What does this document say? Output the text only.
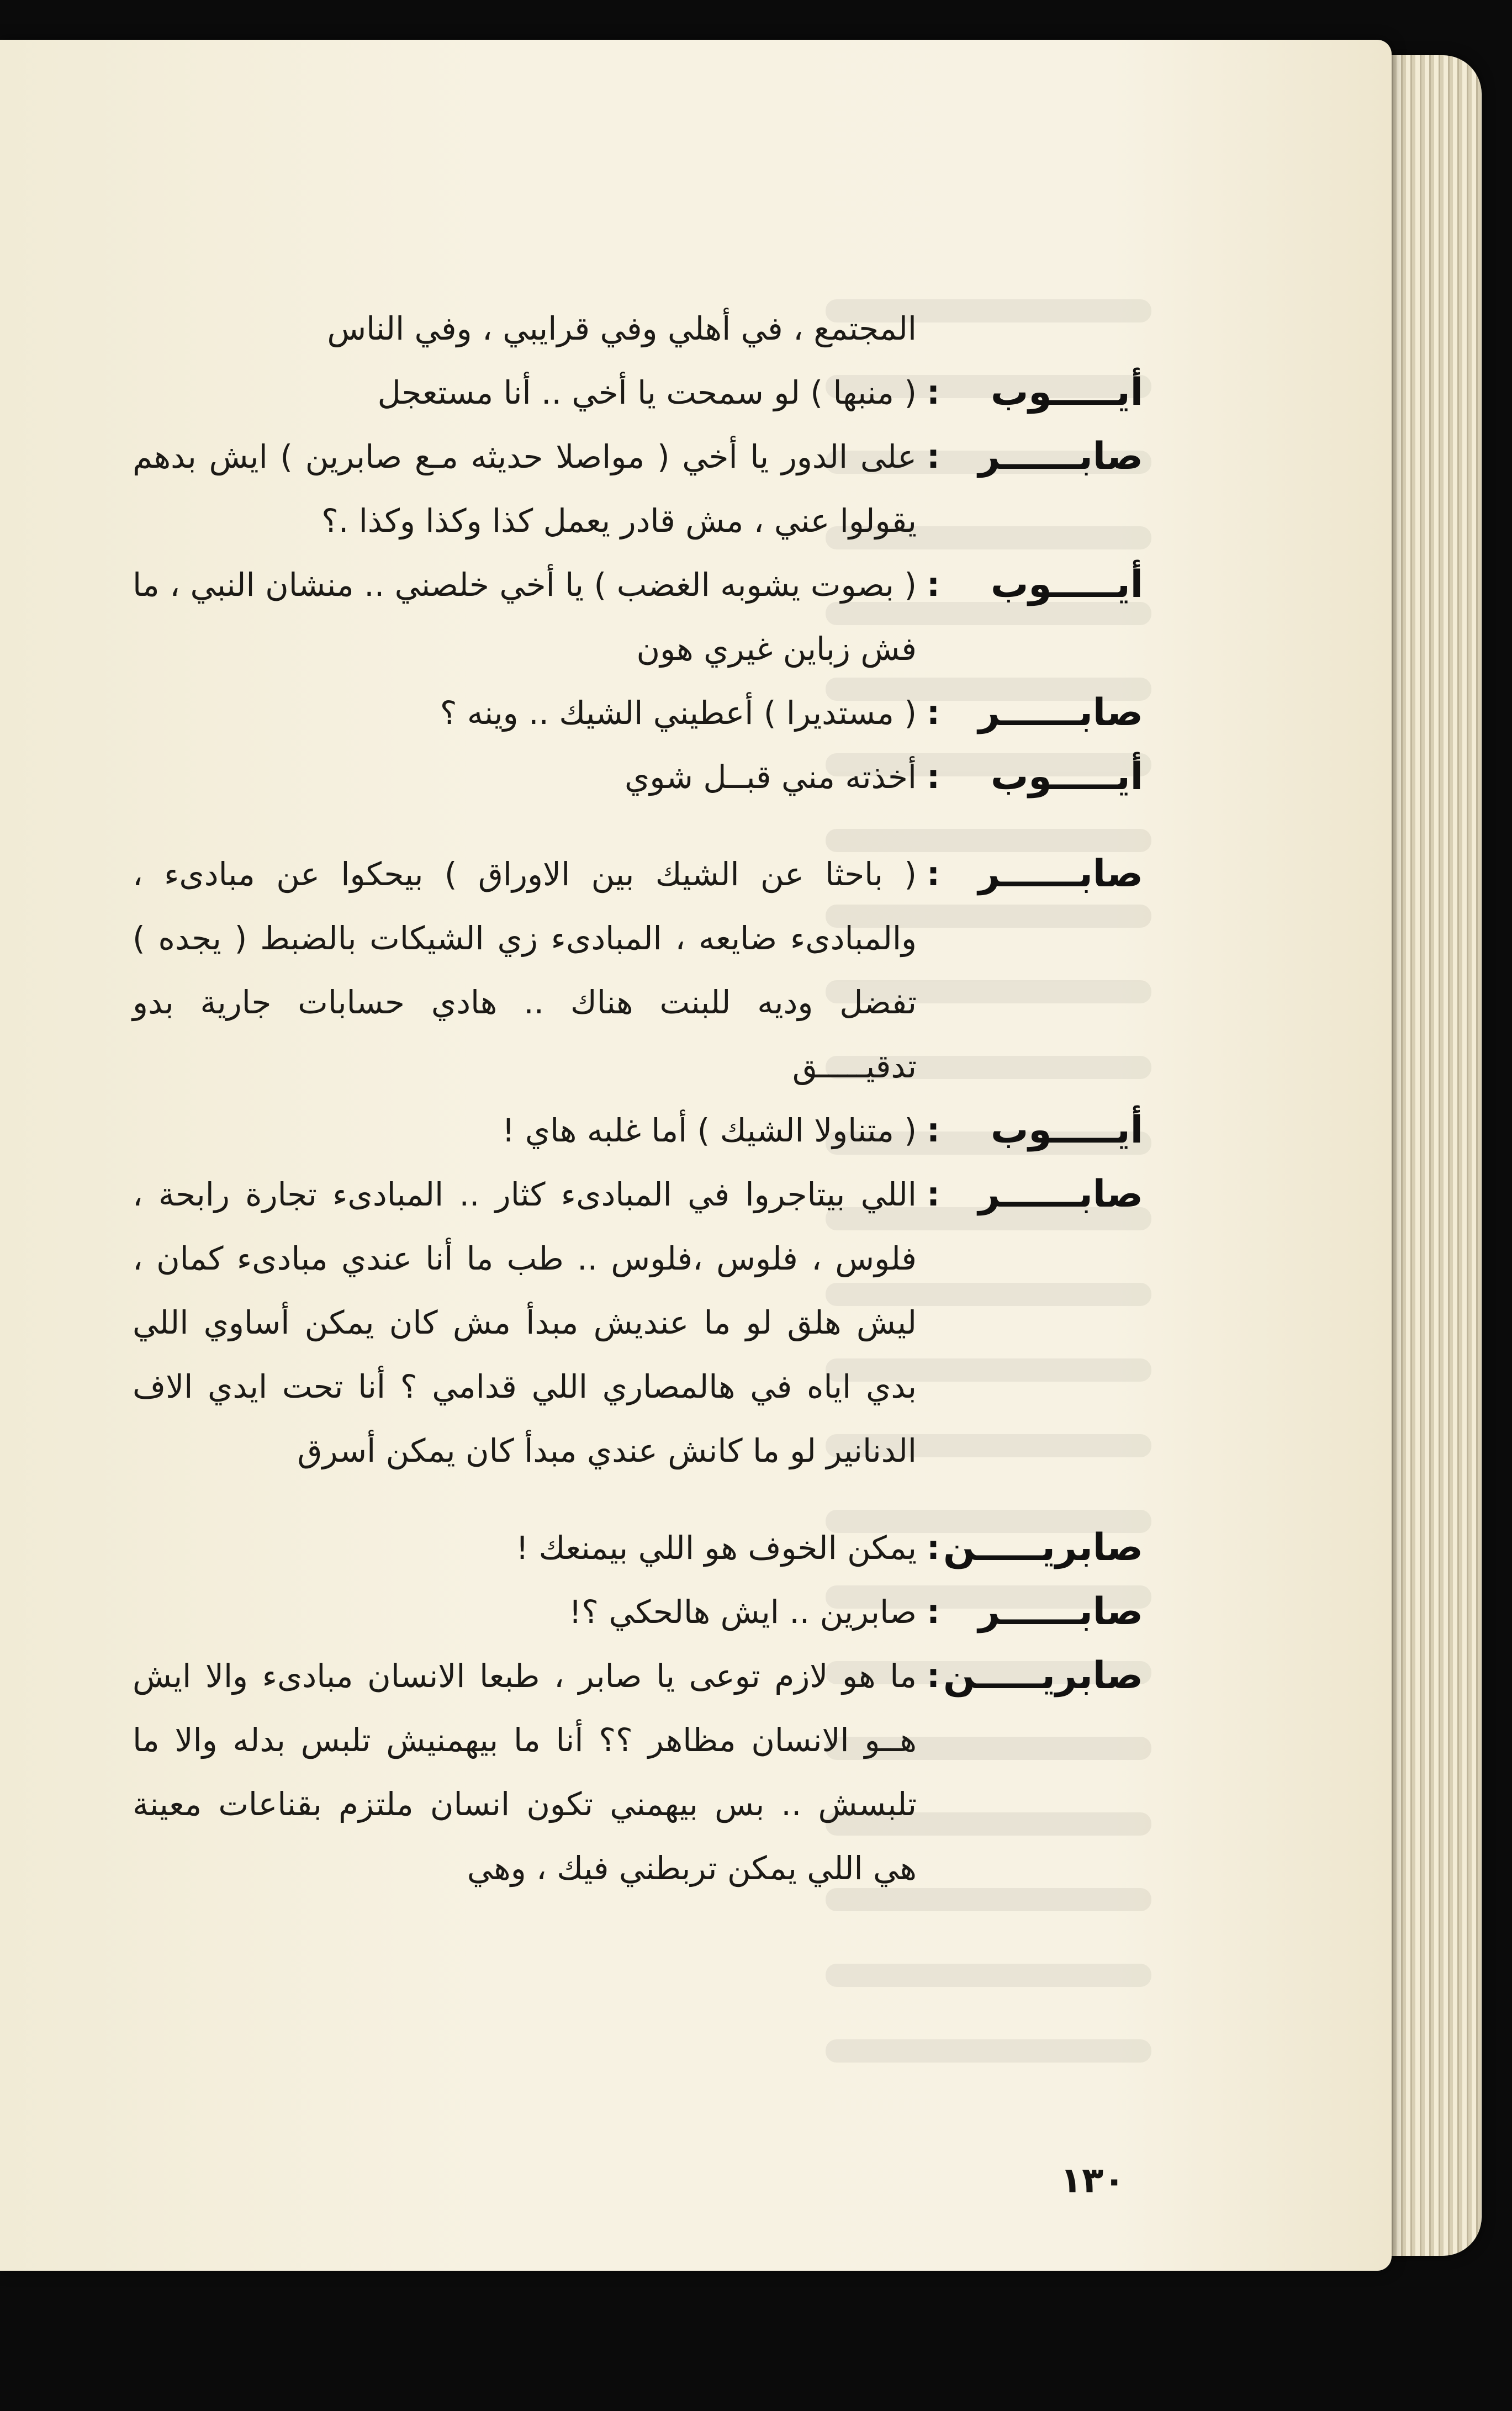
المجتمع ، في أهلي وفي قرايبي ، وفي الناس
أيـــــوب
:
( منبها ) لو سمحت يا أخي .. أنا مستعجل
صابــــــر
:
على الدور يا أخي ( مواصلا حديثه مـع صابرين ) ايش بدهم يقولوا عني ، مش قادر يعمل كذا وكذا وكذا .؟
أيـــــوب
:
( بصوت يشوبه الغضب ) يا أخي خلصني .. منشان النبي ، ما فش زباين غيري هون
صابــــــر
:
( مستديرا ) أعطيني الشيك .. وينه ؟
أيـــــوب
:
أخذته مني قبــل شوي
صابــــــر
:
( باحثا عن الشيك بين الاوراق ) بيحكوا عن مبادىء ، والمبادىء ضايعه ، المبادىء زي الشيكات بالضبط ( يجده ) تفضل وديه للبنت هناك .. هادي حسابات جارية بدو تدقيـــــق
أيـــــوب
:
( متناولا الشيك ) أما غلبه هاي !
صابــــــر
:
اللي بيتاجروا في المبادىء كثار .. المبادىء تجارة رابحة ، فلوس ، فلوس ،فلوس .. طب ما أنا عندي مبادىء كمان ، ليش هلق لو ما عنديش مبدأ مش كان يمكن أساوي اللي بدي اياه في هالمصاري اللي قدامي ؟ أنا تحت ايدي الاف الدنانير لو ما كانش عندي مبدأ كان يمكن أسرق
صابريـــــن
:
يمكن الخوف هو اللي بيمنعك !
صابــــــر
:
صابرين .. ايش هالحكي ؟!
صابريـــــن
:
ما هو لازم توعى يا صابر ، طبعا الانسان مبادىء والا ايش هــو الانسان مظاهر ؟؟ أنا ما بيهمنيش تلبس بدله والا ما تلبسش .. بس بيهمني تكون انسان ملتزم بقناعات معينة هي اللي يمكن تربطني فيك ، وهي
١٣٠
